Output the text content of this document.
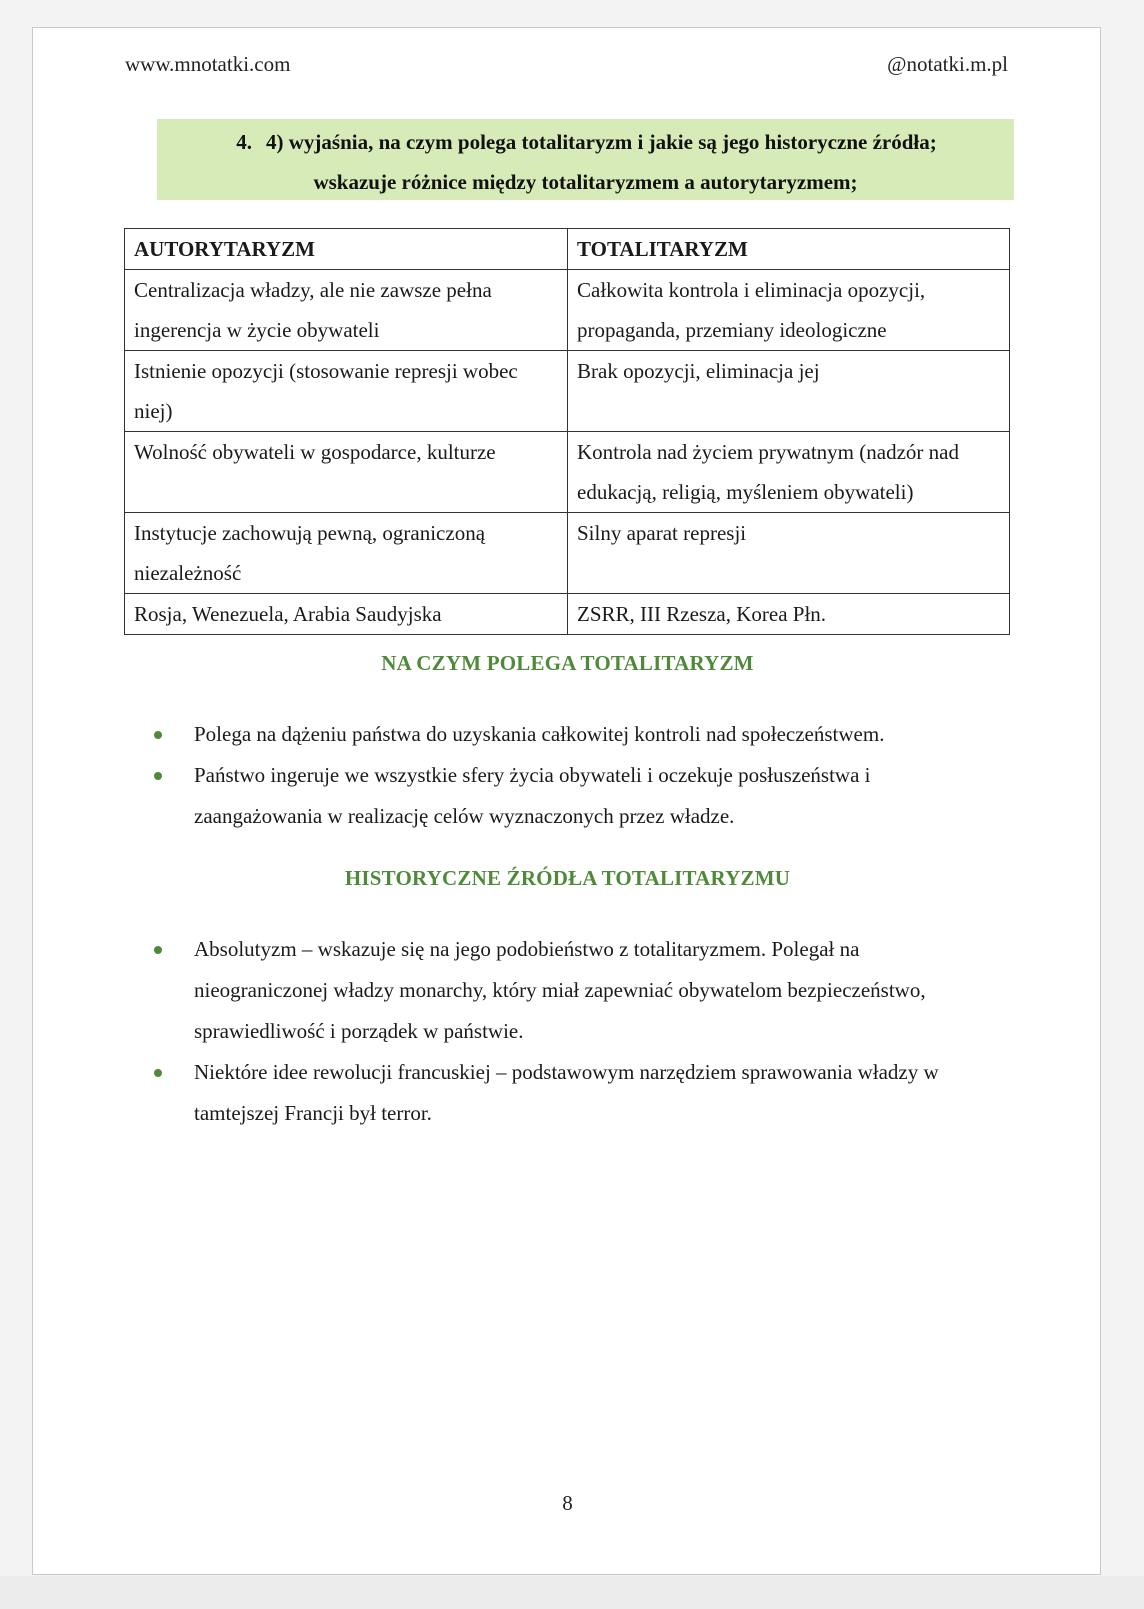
www.mnotatki.com	@notatki.m.pl
4. 4) wyjaśnia, na czym polega totalitaryzm i jakie są jego historyczne źródła;
wskazuje różnice między totalitaryzmem a autorytaryzmem;
AUTORYTARYZM	TOTALITARYZM
Centralizacja władzy, ale nie zawsze pełna ingerencja w życie obywateli	Całkowita kontrola i eliminacja opozycji, propaganda, przemiany ideologiczne
Istnienie opozycji (stosowanie represji wobec niej)	Brak opozycji, eliminacja jej
Wolność obywateli w gospodarce, kulturze	Kontrola nad życiem prywatnym (nadzór nad edukacją, religią, myśleniem obywateli)
Instytucje zachowują pewną, ograniczoną niezależność	Silny aparat represji
Rosja, Wenezuela, Arabia Saudyjska	ZSRR, III Rzesza, Korea Płn.
NA CZYM POLEGA TOTALITARYZM
Polega na dążeniu państwa do uzyskania całkowitej kontroli nad społeczeństwem.
Państwo ingeruje we wszystkie sfery życia obywateli i oczekuje posłuszeństwa i zaangażowania w realizację celów wyznaczonych przez władze.
HISTORYCZNE ŹRÓDŁA TOTALITARYZMU
Absolutyzm – wskazuje się na jego podobieństwo z totalitaryzmem. Polegał na nieograniczonej władzy monarchy, który miał zapewniać obywatelom bezpieczeństwo, sprawiedliwość i porządek w państwie.
Niektóre idee rewolucji francuskiej – podstawowym narzędziem sprawowania władzy w tamtejszej Francji był terror.
8
